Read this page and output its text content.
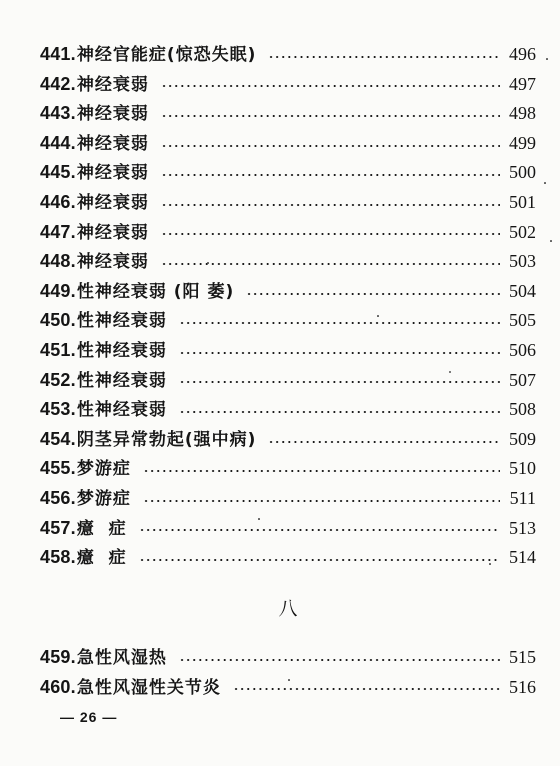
441. 神经官能症(惊恐失眠)	496
442. 神经衰弱	497
443. 神经衰弱	498
444. 神经衰弱	499
445. 神经衰弱	500
446. 神经衰弱	501
447. 神经衰弱	502
448. 神经衰弱	503
449. 性神经衰弱 (阳 萎)	504
450. 性神经衰弱	505
451. 性神经衰弱	506
452. 性神经衰弱	507
453. 性神经衰弱	508
454. 阴茎异常勃起(强中病)	509
455. 梦游症	510
456. 梦游症	511
457. 癔  症	513
458. 癔  症	514
八
459. 急性风湿热	515
460. 急性风湿性关节炎	516
— 26 —
